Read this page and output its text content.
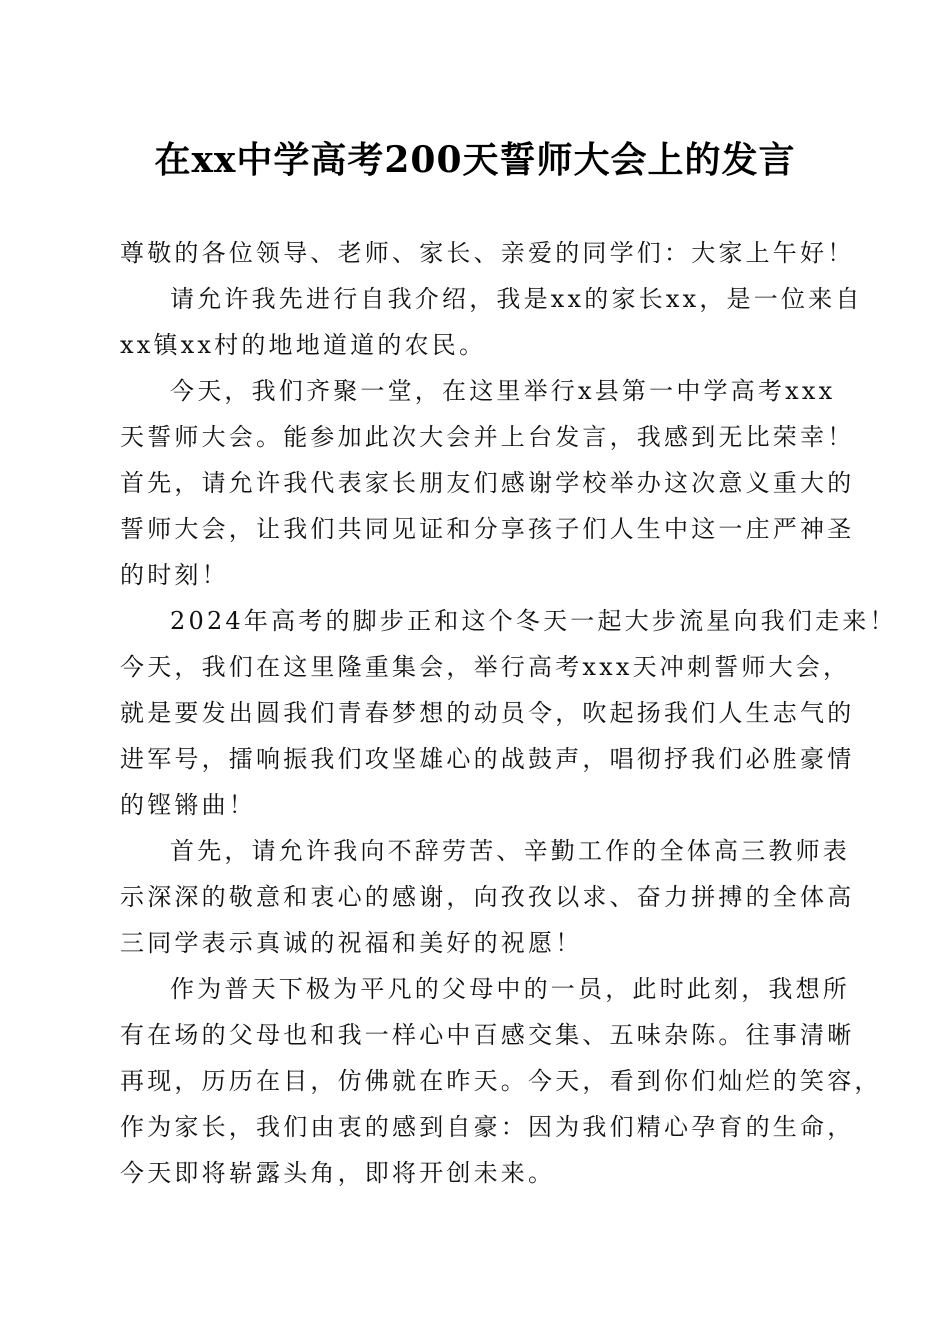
在xx中学高考200天誓师大会上的发言
尊敬的各位领导、老师、家长、亲爱的同学们：大家上午好！
请允许我先进行自我介绍，我是xx的家长xx，是一位来自
xx镇xx村的地地道道的农民。
今天，我们齐聚一堂，在这里举行x县第一中学高考xxx
天誓师大会。能参加此次大会并上台发言，我感到无比荣幸！
首先，请允许我代表家长朋友们感谢学校举办这次意义重大的
誓师大会，让我们共同见证和分享孩子们人生中这一庄严神圣
的时刻！
2024年高考的脚步正和这个冬天一起大步流星向我们走来！
今天，我们在这里隆重集会，举行高考xxx天冲刺誓师大会，
就是要发出圆我们青春梦想的动员令，吹起扬我们人生志气的
进军号，擂响振我们攻坚雄心的战鼓声，唱彻抒我们必胜豪情
的铿锵曲！
首先，请允许我向不辞劳苦、辛勤工作的全体高三教师表
示深深的敬意和衷心的感谢，向孜孜以求、奋力拼搏的全体高
三同学表示真诚的祝福和美好的祝愿！
作为普天下极为平凡的父母中的一员，此时此刻，我想所
有在场的父母也和我一样心中百感交集、五味杂陈。往事清晰
再现，历历在目，仿佛就在昨天。今天，看到你们灿烂的笑容，
作为家长，我们由衷的感到自豪：因为我们精心孕育的生命，
今天即将崭露头角，即将开创未来。
